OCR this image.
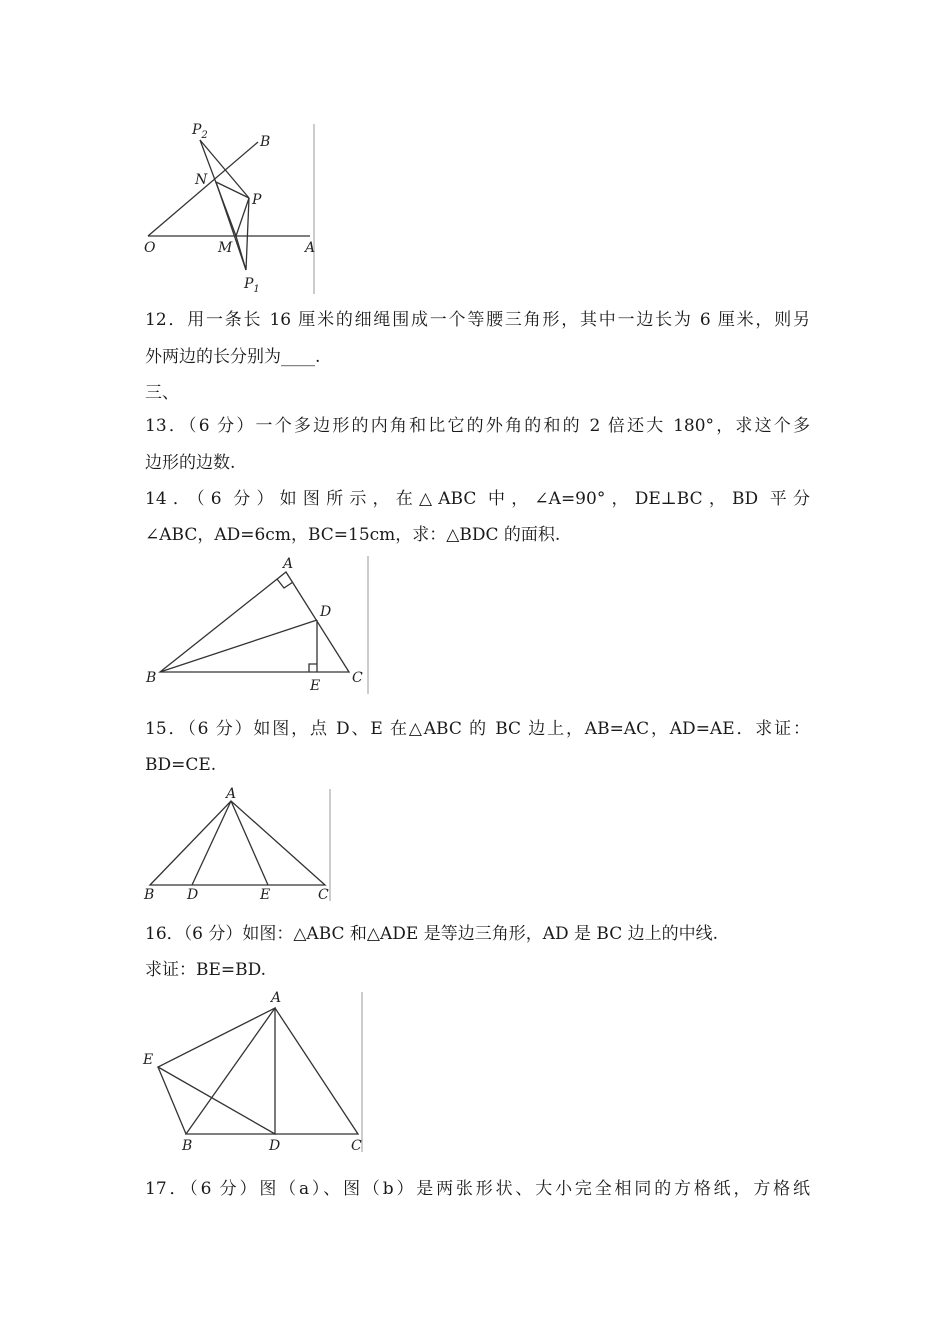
$P_2$	B
N
P
O	M	A
$P_1$
12．用一条长 16 厘米的细绳围成一个等腰三角形，其中一边长为 6 厘米，则另
外两边的长分别为____.
三、
13．（6 分）一个多边形的内角和比它的外角的和的 2 倍还大 180°，求这个多
边形的边数.
14．（6 分）如图所示，在△ABC 中，∠A=90°，DE⊥BC，BD 平分
∠ABC，AD=6cm，BC=15cm，求：△BDC 的面积.
A
D
B	E C
15．（6 分）如图，点 D、E 在△ABC 的 BC 边上，AB=AC，AD=AE．求证：
BD=CE.
A
B D	E	C
16．（6 分）如图：△ABC 和△ADE 是等边三角形，AD 是 BC 边上的中线.
求证：BE=BD.
A
E
B	D	C
17．（6 分）图（a）、图（b）是两张形状、大小完全相同的方格纸，方格纸
